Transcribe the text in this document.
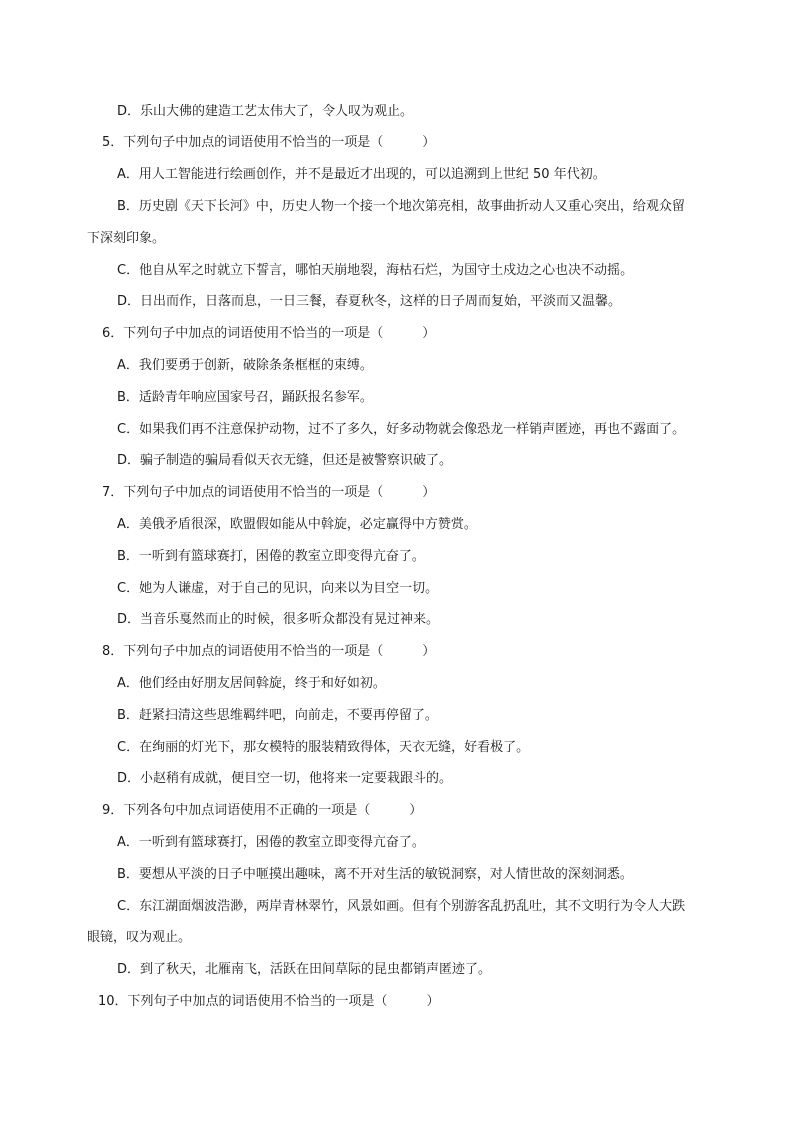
D．乐山大佛的建造工艺太伟大了，令人叹为观止。
5．下列句子中加点的词语使用不恰当的一项是（　　　）
A．用人工智能进行绘画创作，并不是最近才出现的，可以追溯到上世纪 50 年代初。
B．历史剧《天下长河》中，历史人物一个接一个地次第亮相，故事曲折动人又重心突出，给观众留
下深刻印象。
C．他自从军之时就立下誓言，哪怕天崩地裂，海枯石烂，为国守土戍边之心也决不动摇。
D．日出而作，日落而息，一日三餐，春夏秋冬，这样的日子周而复始，平淡而又温馨。
6．下列句子中加点的词语使用不恰当的一项是（　　　）
A．我们要勇于创新，破除条条框框的束缚。
B．适龄青年响应国家号召，踊跃报名参军。
C．如果我们再不注意保护动物，过不了多久，好多动物就会像恐龙一样销声匿迹，再也不露面了。
D．骗子制造的骗局看似天衣无缝，但还是被警察识破了。
7．下列句子中加点的词语使用不恰当的一项是（　　　）
A．美俄矛盾很深，欧盟假如能从中斡旋，必定赢得中方赞赏。
B．一听到有篮球赛打，困倦的教室立即变得亢奋了。
C．她为人谦虚，对于自己的见识，向来以为目空一切。
D．当音乐戛然而止的时候，很多听众都没有晃过神来。
8．下列句子中加点的词语使用不恰当的一项是（　　　）
A．他们经由好朋友居间斡旋，终于和好如初。
B．赶紧扫清这些思维羁绊吧，向前走，不要再停留了。
C．在绚丽的灯光下，那女模特的服装精致得体，天衣无缝，好看极了。
D．小赵稍有成就，便目空一切，他将来一定要栽跟斗的。
9．下列各句中加点词语使用不正确的一项是（　　　）
A．一听到有篮球赛打，困倦的教室立即变得亢奋了。
B．要想从平淡的日子中咂摸出趣味，离不开对生活的敏锐洞察，对人情世故的深刻洞悉。
C．东江湖面烟波浩渺，两岸青林翠竹，风景如画。但有个别游客乱扔乱吐，其不文明行为令人大跌
眼镜，叹为观止。
D．到了秋天，北雁南飞，活跃在田间草际的昆虫都销声匿迹了。
10．下列句子中加点的词语使用不恰当的一项是（　　　）
